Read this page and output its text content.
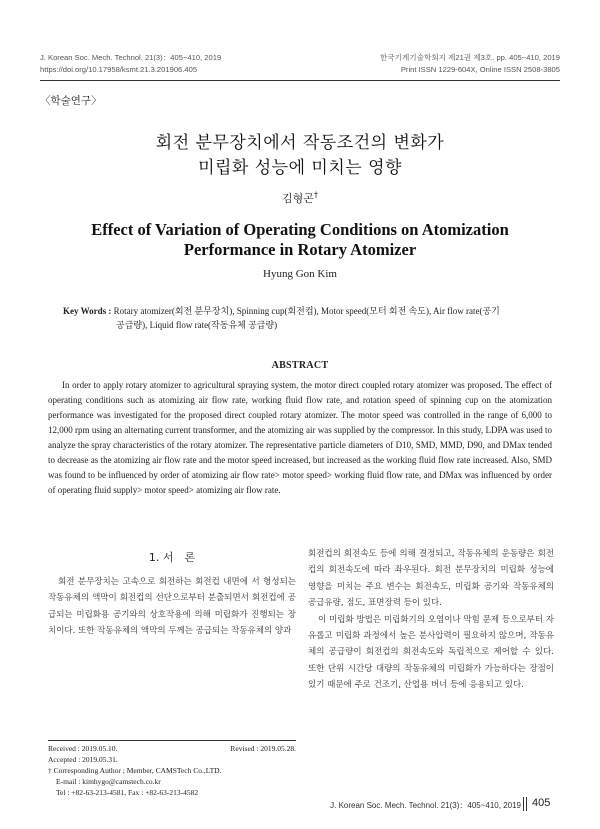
J. Korean Soc. Mech. Technol. 21(3)：405~410, 2019
https://doi.org/10.17958/ksmt.21.3.201906.405
한국기계기술학회지 제21권 제3호. pp. 405~410, 2019
Print ISSN 1229-604X, Online ISSN 2508-3805
〈학술연구〉
회전 분무장치에서 작동조건의 변화가
미립화 성능에 미치는 영향
김형곤†
Effect of Variation of Operating Conditions on Atomization
Performance in Rotary Atomizer
Hyung Gon Kim
Key Words : Rotary atomizer(회전 분무장치), Spinning cup(회전컵), Motor speed(모터 회전 속도), Air flow rate(공기
공급량), Liquid flow rate(작동유체 공급량)
ABSTRACT

In order to apply rotary atomizer to agricultural spraying system, the motor direct coupled rotary atomizer was proposed. The effect of operating conditions such as atomizing air flow rate, working fluid flow rate, and rotation speed of spinning cup on the atomization performance was investigated for the proposed direct coupled rotary atomizer. The motor speed was controlled in the range of 6,000 to 12,000 rpm using an alternating current transformer, and the atomizing air was supplied by the compressor. In this study, LDPA was used to analyze the spray characteristics of the rotary atomizer. The representative particle diameters of D10, SMD, MMD, D90, and DMax tended to decrease as the atomizing air flow rate and the motor speed increased, but increased as the working fluid flow rate increased. Also, SMD was found to be influenced by order of atomizing air flow rate> motor speed> working fluid flow rate, and DMax was influenced by order of operating fluid supply> motor speed> atomizing air flow rate.

1. 서　론

회전 분무장치는 고속으로 회전하는 회전컵 내면에 서 형성되는 작동유체의 액막이 회전컵의 선단으로부터 분출되면서 회전컵에 공급되는 미립화용 공기와의 상호작용에 의해 미립화가 진행되는 장치이다. 또한 작동유체의 액막의 두께는 공급되는 작동유체의 양과

Received : 2019.05.10.	Revised : 2019.05.28.
Accepted : 2019.05.31.
† Corresponding Author ; Member, CAMSTech Co.,LTD.
E-mail : kimhygo@camstech.co.kr
Tel : +82-63-213-4581, Fax : +82-63-213-4582

회전컵의 회전속도 등에 의해 결정되고, 작동유체의 운동량은 회전컵의 회전속도에 따라 좌우된다. 회전 분무장치의 미립화 성능에 영향을 미치는 주요 변수는 회전속도, 미립화 공기와 작동유체의 공급유량, 점도, 표면장력 등이 있다.

이 미립화 방법은 미립화기의 오염이나 막힘 문제 등으로부터 자유롭고 미립화 과정에서 높은 분사압력이 필요하지 않으며, 작동유체의 공급량이 회전컵의 회전속도와 독립적으로 제어할 수 있다. 또한 단위 시간당 대량의 작동유체의 미립화가 가능하다는 장점이 있기 때문에 주로 건조기, 산업용 버너 등에 응용되고 있다.

J. Korean Soc. Mech. Technol. 21(3)：405~410, 2019 405
